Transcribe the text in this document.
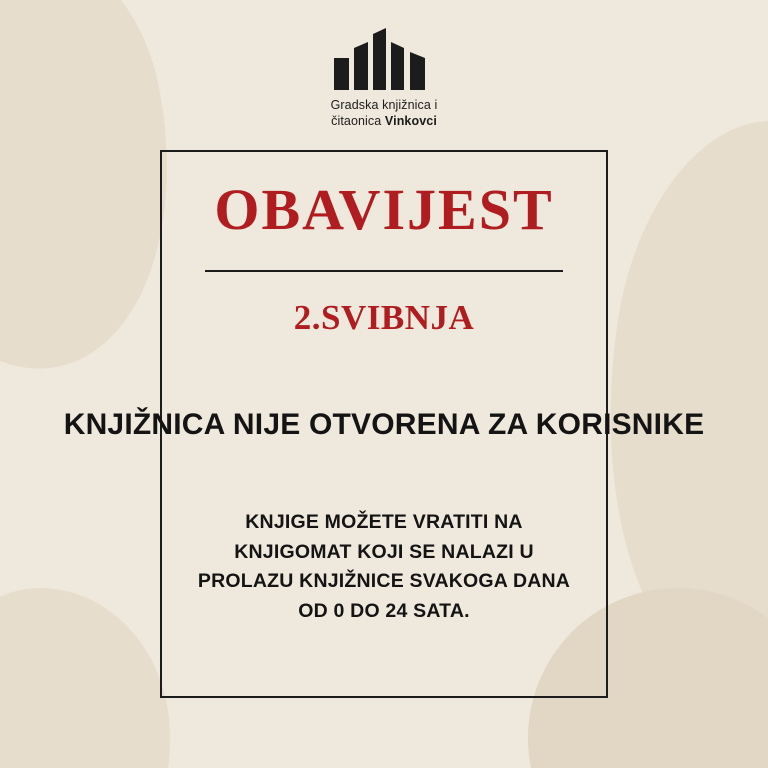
Gradska knjižnica i
čitaonica Vinkovci
OBAVIJEST
2.SVIBNJA
KNJIŽNICA NIJE OTVORENA ZA KORISNIKE
KNJIGE MOŽETE VRATITI NA
KNJIGOMAT KOJI SE NALAZI U
PROLAZU KNJIŽNICE SVAKOGA DANA
OD 0 DO 24 SATA.
